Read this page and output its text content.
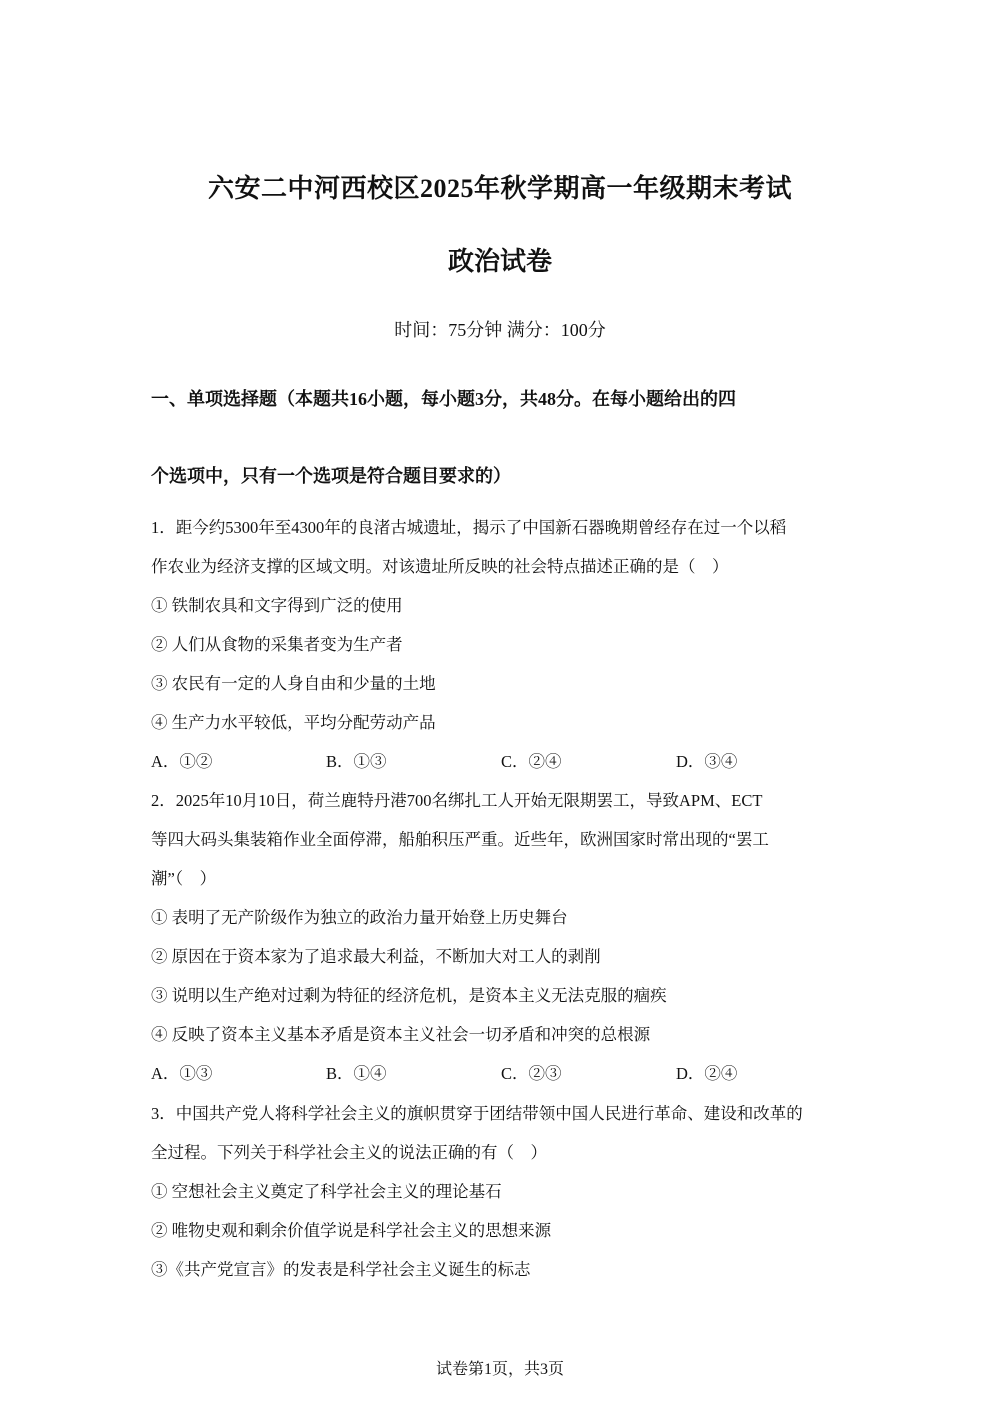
六安二中河西校区2025年秋学期高一年级期末考试
政治试卷
时间：75分钟 满分：100分
一、单项选择题（本题共16小题，每小题3分，共48分。在每小题给出的四
个选项中，只有一个选项是符合题目要求的）
1．距今约5300年至4300年的良渚古城遗址，揭示了中国新石器晚期曾经存在过一个以稻
作农业为经济支撑的区域文明。对该遗址所反映的社会特点描述正确的是（　）
① 铁制农具和文字得到广泛的使用
② 人们从食物的采集者变为生产者
③ 农民有一定的人身自由和少量的土地
④ 生产力水平较低，平均分配劳动产品
A．①②	B．①③	C．②④	D．③④
2．2025年10月10日，荷兰鹿特丹港700名绑扎工人开始无限期罢工，导致APM、ECT
等四大码头集装箱作业全面停滞，船舶积压严重。近些年，欧洲国家时常出现的“罢工
潮”（　）
① 表明了无产阶级作为独立的政治力量开始登上历史舞台
② 原因在于资本家为了追求最大利益，不断加大对工人的剥削
③ 说明以生产绝对过剩为特征的经济危机，是资本主义无法克服的痼疾
④ 反映了资本主义基本矛盾是资本主义社会一切矛盾和冲突的总根源
A．①③	B．①④	C．②③	D．②④
3．中国共产党人将科学社会主义的旗帜贯穿于团结带领中国人民进行革命、建设和改革的
全过程。下列关于科学社会主义的说法正确的有（　）
① 空想社会主义奠定了科学社会主义的理论基石
② 唯物史观和剩余价值学说是科学社会主义的思想来源
③《共产党宣言》的发表是科学社会主义诞生的标志
试卷第1页，共3页
